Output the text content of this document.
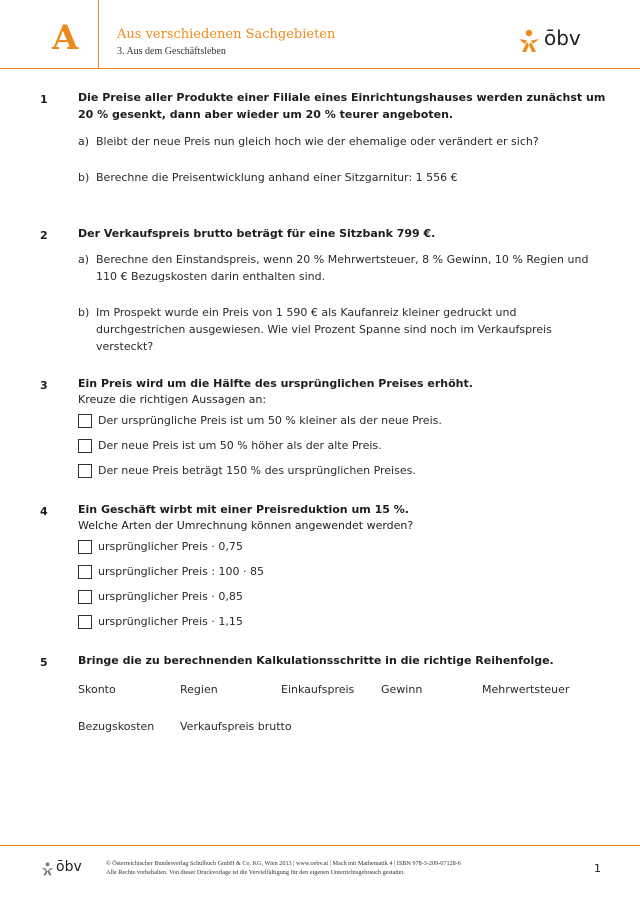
A	Aus verschiedenen Sachgebieten
3. Aus dem Geschäftsleben
ōbv
1	Die Preise aller Produkte einer Filiale eines Einrichtungshauses werden zunächst um 20 % gesenkt, dann aber wieder um 20 % teurer angeboten.
a) Bleibt der neue Preis nun gleich hoch wie der ehemalige oder verändert er sich?
b) Berechne die Preisentwicklung anhand einer Sitzgarnitur: 1 556 €
2	Der Verkaufspreis brutto beträgt für eine Sitzbank 799 €.
a) Berechne den Einstandspreis, wenn 20 % Mehrwertsteuer, 8 % Gewinn, 10 % Regien und 110 € Bezugskosten darin enthalten sind.
b) Im Prospekt wurde ein Preis von 1 590 € als Kaufanreiz kleiner gedruckt und durchgestrichen ausgewiesen. Wie viel Prozent Spanne sind noch im Verkaufspreis versteckt?
3	Ein Preis wird um die Hälfte des ursprünglichen Preises erhöht.
Kreuze die richtigen Aussagen an:
Der ursprüngliche Preis ist um 50 % kleiner als der neue Preis.
Der neue Preis ist um 50 % höher als der alte Preis.
Der neue Preis beträgt 150 % des ursprünglichen Preises.
4	Ein Geschäft wirbt mit einer Preisreduktion um 15 %.
Welche Arten der Umrechnung können angewendet werden?
ursprünglicher Preis · 0,75
ursprünglicher Preis : 100 · 85
ursprünglicher Preis · 0,85
ursprünglicher Preis · 1,15
5	Bringe die zu berechnenden Kalkulationsschritte in die richtige Reihenfolge.
Skonto	Regien	Einkaufspreis Gewinn	Mehrwertsteuer
Bezugskosten Verkaufspreis brutto
ōbv	© Österreichischer Bundesverlag Schulbuch GmbH & Co. KG, Wien 2013 | www.oebv.at | Mach mit Mathematik 4 | ISBN 978-3-209-07128-6
Alle Rechte vorbehalten. Von dieser Druckvorlage ist die Vervielfältigung für den eigenen Unterrichtsgebrauch gestattet.	1
